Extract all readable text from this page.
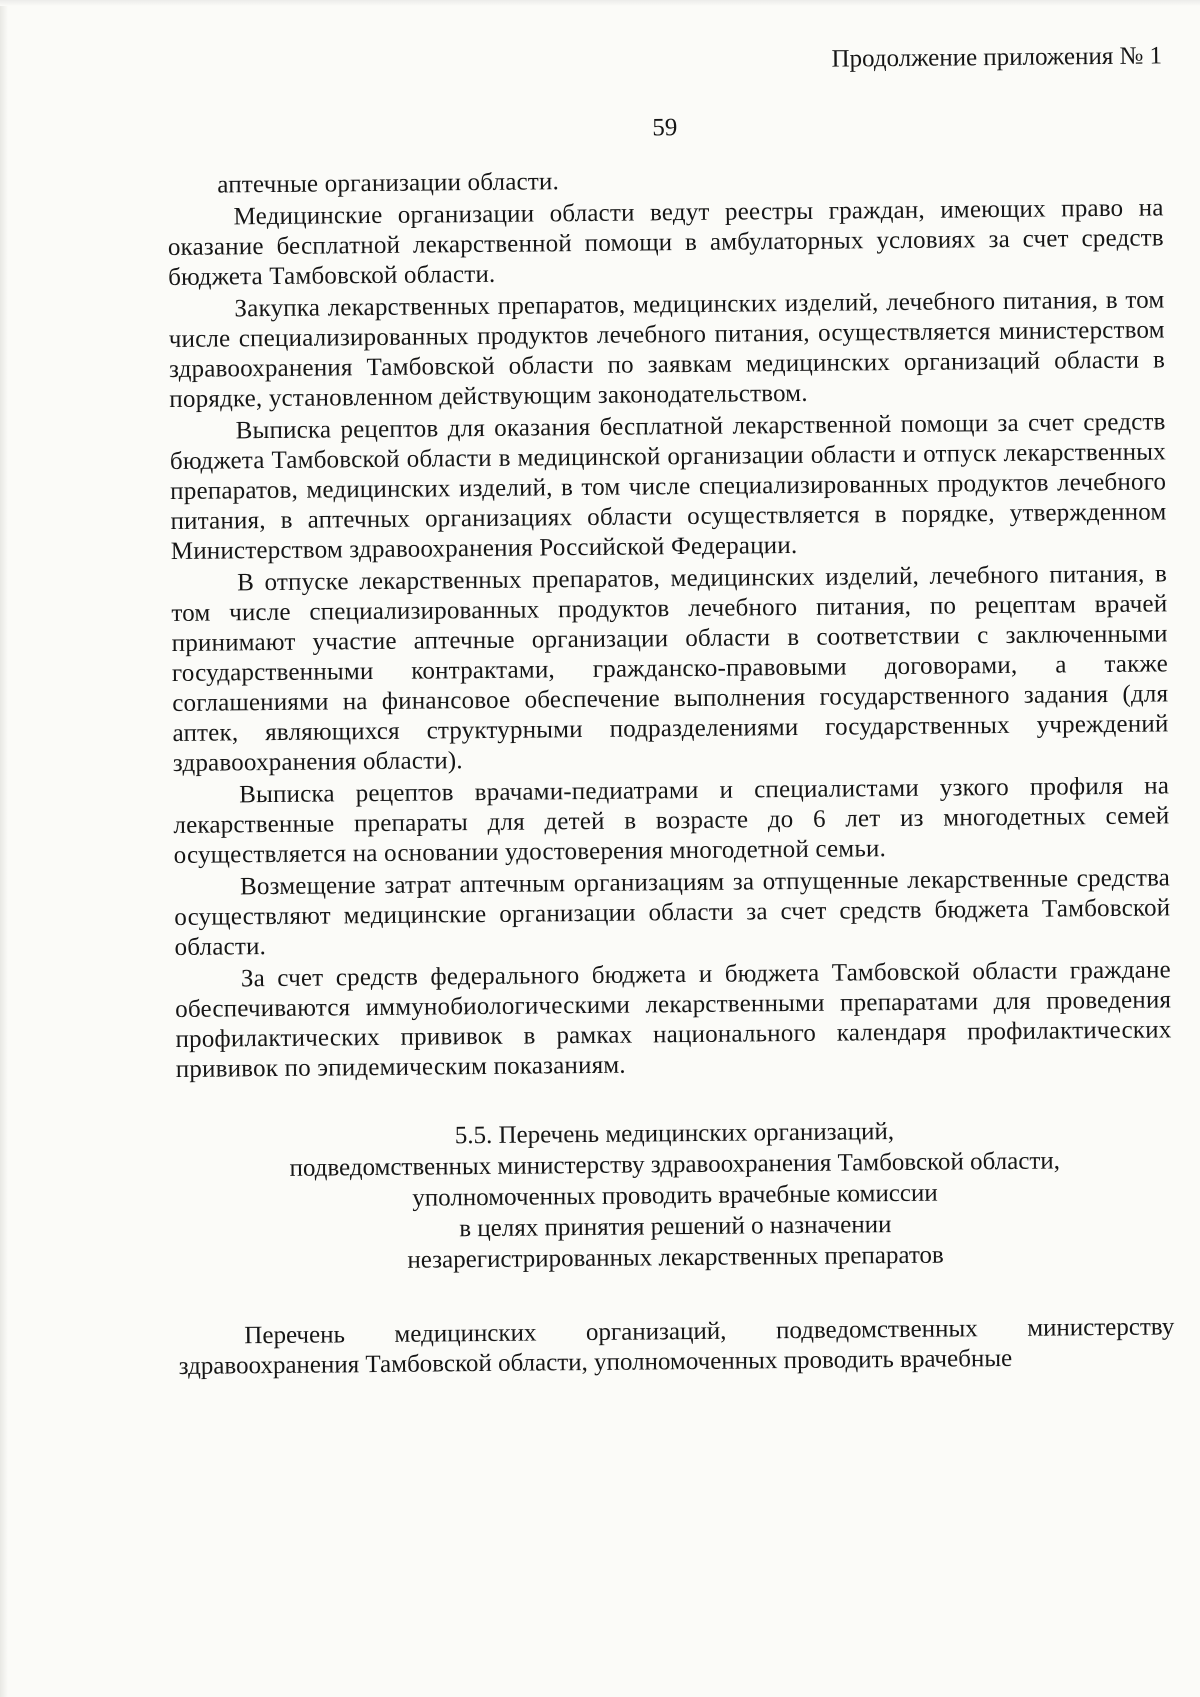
Продолжение приложения № 1

59

аптечные организации области.

Медицинские организации области ведут реестры граждан, имеющих право на оказание бесплатной лекарственной помощи в амбулаторных условиях за счет средств бюджета Тамбовской области.

Закупка лекарственных препаратов, медицинских изделий, лечебного питания, в том числе специализированных продуктов лечебного питания, осуществляется министерством здравоохранения Тамбовской области по заявкам медицинских организаций области в порядке, установленном действующим законодательством.

Выписка рецептов для оказания бесплатной лекарственной помощи за счет средств бюджета Тамбовской области в медицинской организации области и отпуск лекарственных препаратов, медицинских изделий, в том числе специализированных продуктов лечебного питания, в аптечных организациях области осуществляется в порядке, утвержденном Министерством здравоохранения Российской Федерации.

В отпуске лекарственных препаратов, медицинских изделий, лечебного питания, в том числе специализированных продуктов лечебного питания, по рецептам врачей принимают участие аптечные организации области в соответствии с заключенными государственными контрактами, гражданско-правовыми договорами, а также соглашениями на финансовое обеспечение выполнения государственного задания (для аптек, являющихся структурными подразделениями государственных учреждений здравоохранения области).

Выписка рецептов врачами-педиатрами и специалистами узкого профиля на лекарственные препараты для детей в возрасте до 6 лет из многодетных семей осуществляется на основании удостоверения многодетной семьи.

Возмещение затрат аптечным организациям за отпущенные лекарственные средства осуществляют медицинские организации области за счет средств бюджета Тамбовской области.

За счет средств федерального бюджета и бюджета Тамбовской области граждане обеспечиваются иммунобиологическими лекарственными препаратами для проведения профилактических прививок в рамках национального календаря профилактических прививок по эпидемическим показаниям.

5.5. Перечень медицинских организаций,
подведомственных министерству здравоохранения Тамбовской области,
уполномоченных проводить врачебные комиссии
в целях принятия решений о назначении
незарегистрированных лекарственных препаратов

Перечень медицинских организаций, подведомственных министерству здравоохранения Тамбовской области, уполномоченных проводить врачебные
